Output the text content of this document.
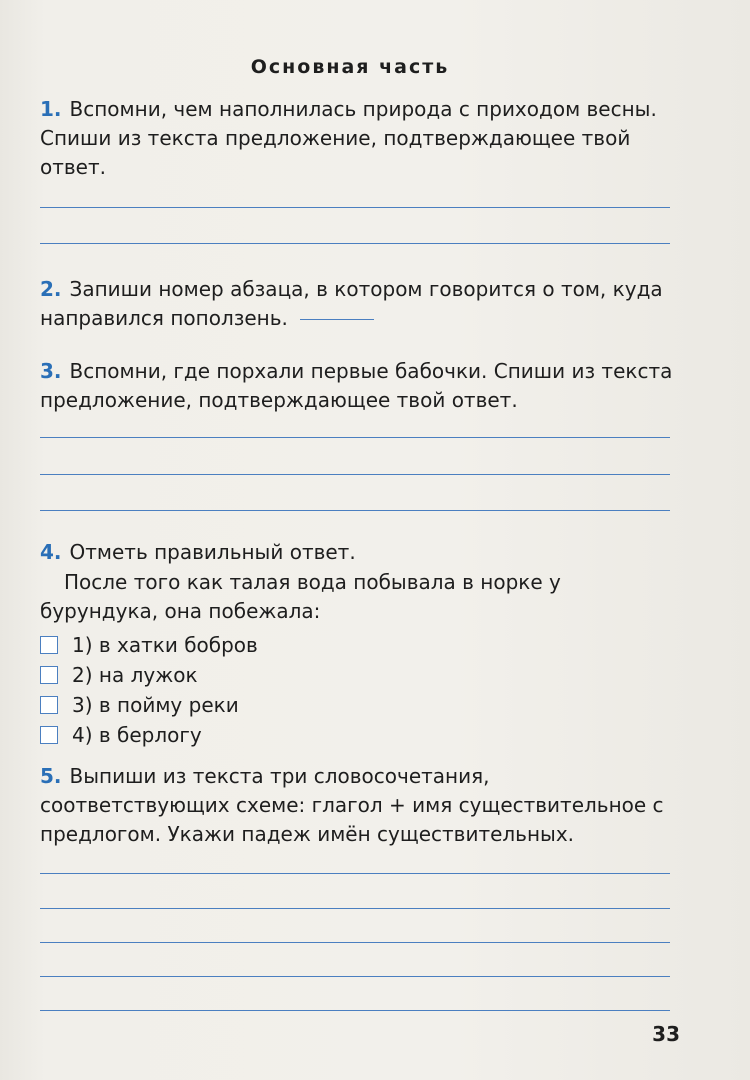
Основная часть
1. Вспомни, чем наполнилась природа с приходом весны. Спиши из текста предложение, подтверждающее твой ответ.
2. Запиши номер абзаца, в котором говорится о том, куда направился поползень.
3. Вспомни, где порхали первые бабочки. Спиши из текста предложение, подтверждающее твой ответ.
4. Отметь правильный ответ.
После того как талая вода побывала в норке у бурундука, она побежала:
1) в хатки бобров
2) на лужок
3) в пойму реки
4) в берлогу
5. Выпиши из текста три словосочетания, соответствующих схеме: глагол + имя существительное с предлогом. Укажи падеж имён существительных.
33
